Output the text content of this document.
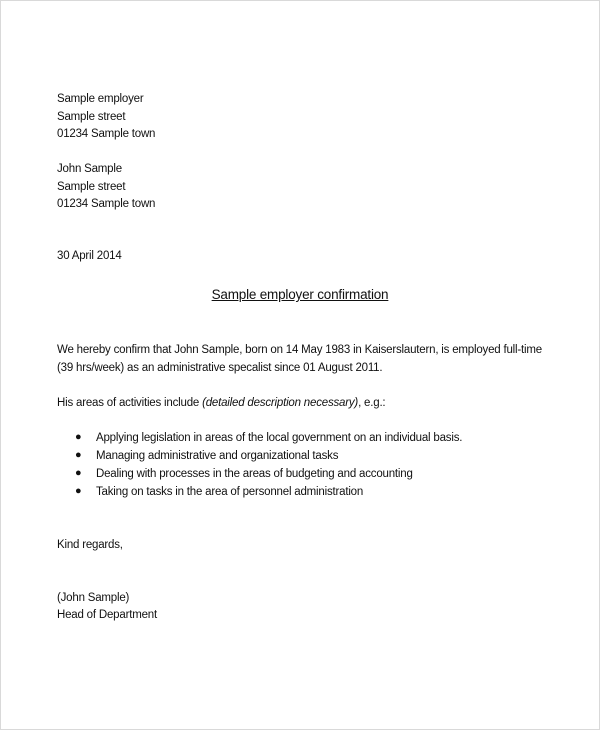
Sample employer
Sample street
01234 Sample town
John Sample
Sample street
01234 Sample town
30 April 2014
Sample employer confirmation
We hereby confirm that John Sample, born on 14 May 1983 in Kaiserslautern, is employed full-time
(39 hrs/week) as an administrative specalist since 01 August 2011.
His areas of activities include (detailed description necessary), e.g.:
● Applying legislation in areas of the local government on an individual basis.
● Managing administrative and organizational tasks
● Dealing with processes in the areas of budgeting and accounting
● Taking on tasks in the area of personnel administration
Kind regards,
(John Sample)
Head of Department
